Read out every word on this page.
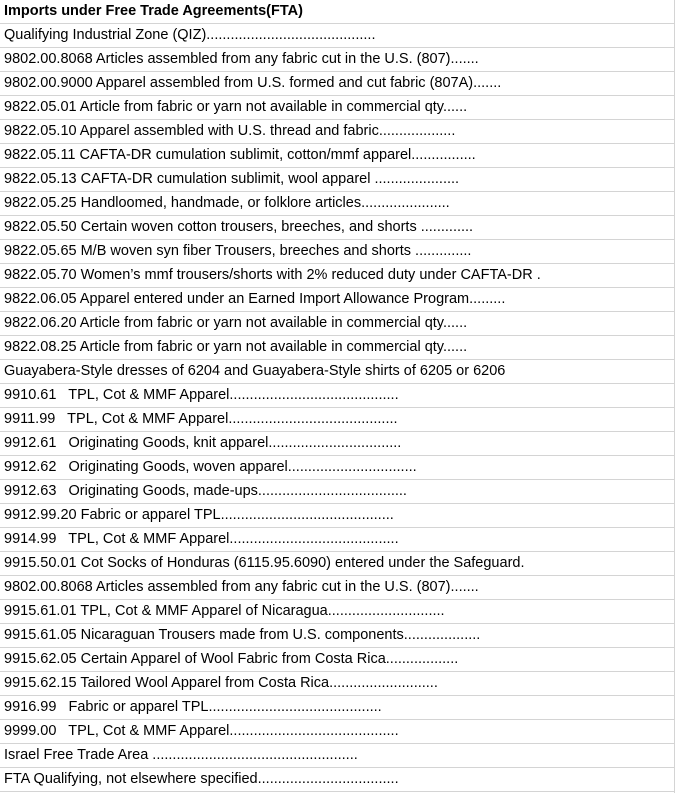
Imports under Free Trade Agreements(FTA)
Qualifying Industrial Zone (QIZ)..........................................
9802.00.8068 Articles assembled from any fabric cut in the U.S. (807).......
9802.00.9000 Apparel assembled from U.S. formed and cut fabric (807A).......
9822.05.01 Article from fabric or yarn not available in commercial qty......
9822.05.10 Apparel assembled with U.S. thread and fabric...................
9822.05.11 CAFTA-DR cumulation sublimit, cotton/mmf apparel................
9822.05.13 CAFTA-DR cumulation sublimit, wool apparel .....................
9822.05.25 Handloomed, handmade, or folklore articles......................
9822.05.50 Certain woven cotton trousers, breeches, and shorts .............
9822.05.65 M/B woven syn fiber Trousers, breeches and shorts ..............
9822.05.70 Women’s mmf trousers/shorts with 2% reduced duty under CAFTA-DR .
9822.06.05 Apparel entered under an Earned Import Allowance Program.........
9822.06.20 Article from fabric or yarn not available in commercial qty......
9822.08.25 Article from fabric or yarn not available in commercial qty......
Guayabera-Style dresses of 6204 and Guayabera-Style shirts of 6205 or 6206
9910.61   TPL, Cot & MMF Apparel..........................................
9911.99   TPL, Cot & MMF Apparel..........................................
9912.61   Originating Goods, knit apparel.................................
9912.62   Originating Goods, woven apparel................................
9912.63   Originating Goods, made-ups.....................................
9912.99.20 Fabric or apparel TPL...........................................
9914.99   TPL, Cot & MMF Apparel..........................................
9915.50.01 Cot Socks of Honduras (6115.95.6090) entered under the Safeguard.
9802.00.8068 Articles assembled from any fabric cut in the U.S. (807).......
9915.61.01 TPL, Cot & MMF Apparel of Nicaragua.............................
9915.61.05 Nicaraguan Trousers made from U.S. components...................
9915.62.05 Certain Apparel of Wool Fabric from Costa Rica..................
9915.62.15 Tailored Wool Apparel from Costa Rica...........................
9916.99   Fabric or apparel TPL...........................................
9999.00   TPL, Cot & MMF Apparel..........................................
Israel Free Trade Area ...................................................
FTA Qualifying, not elsewhere specified...................................
